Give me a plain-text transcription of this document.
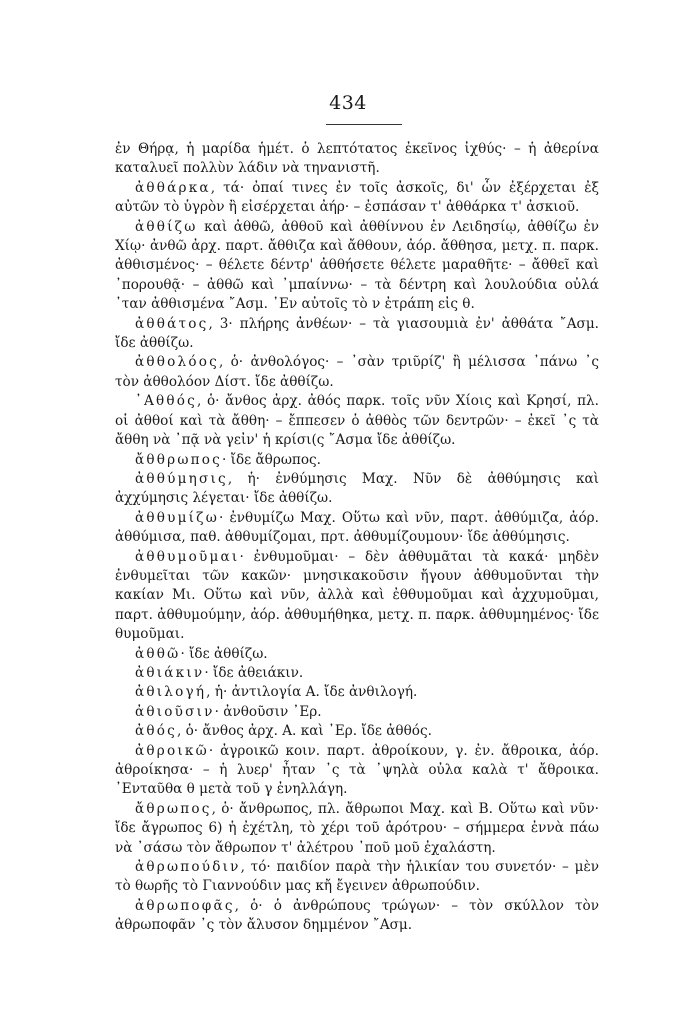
434

ἐν Θήρᾳ, ἡ μαρίδα ἡμέτ. ὁ λεπτότατος ἐκεῖνος ἰχθύς· – ἡ ἀθερίνα καταλυεῖ πολλὺν λάδιν νὰ τηνανιστῆ.

ἀθθάρκα, τά· ὀπαί τινες ἐν τοῖς ἀσκοῖς, δι' ὧν ἐξέρχεται ἐξ αὐτῶν τὸ ὑγρὸν ἢ εἰσέρχεται ἀήρ· – ἐσπάσαν τ' ἀθθάρκα τ' ἀσκιοῦ.

ἀθθίζω καὶ ἀθθῶ, ἀθθοῦ καὶ ἀθθίννου ἐν Λειδησίῳ, ἀθθίζω ἐν Χίῳ· ἀνθῶ ἀρχ. παρτ. ἄθθιζα καὶ ἄθθουν, ἀόρ. ἄθθησα, μετχ. π. παρκ. ἀθθισμένος· – θέλετε δέντρ' ἀθθήσετε θέλετε μαραθῆτε· – ἄθθεῖ καὶ ᾽πορουθᾷ· – ἀθθῶ καὶ ᾽μπαίννω· – τὰ δέντρη καὶ λουλούδια οὐλά ᾽ταν ἀθθισμένα ῎Ασμ. ᾽Εν αὐτοῖς τὸ ν ἐτράπη εἰς θ.

ἀθθάτος, 3· πλήρης ἀνθέων· – τὰ γιασουμιὰ ἐν' ἀθθάτα ῎Ασμ. ἴδε ἀθθίζω.

ἀθθολόος, ὁ· ἀνθολόγος· – ᾽σὰν τριῦρίζ' ἢ μέλισσα ᾽πάνω ᾽ς τὸν ἀθθολόον Δίστ. ἴδε ἀθθίζω.

᾽Αθθός, ὁ· ἄνθος ἀρχ. ἀθός παρκ. τοῖς νῦν Χίοις καὶ Κρησί, πλ. οἱ ἀθθοί καὶ τὰ ἄθθη· – ἔππεσεν ὁ ἀθθὸς τῶν δεντρῶν· – ἐκεῖ ᾽ς τὰ ἄθθη νὰ ᾽πᾷ νὰ γεἰν' ἡ κρίσι(ς ῎Ασμα ἴδε ἀθθίζω.

ἄθθρωπος· ἴδε ἄθρωπος.

ἀθθύμησις, ἡ· ἐνθύμησις Μαχ. Νῦν δὲ ἀθθύμησις καὶ ἀχχύμησις λέγεται· ἴδε ἀθθίζω.

ἀθθυμίζω· ἐνθυμίζω Μαχ. Οὕτω καὶ νῦν, παρτ. ἀθθύμιζα, ἀόρ. ἀθθύμισα, παθ. ἀθθυμίζομαι, πρτ. ἀθθυμίζουμουν· ἴδε ἀθθύμησις.

ἀθθυμοῦμαι· ἐνθυμοῦμαι· – δὲν ἀθθυμᾶται τὰ κακά· μηδὲν ἐνθυμεῖται τῶν κακῶν· μνησικακοῦσιν ἤγουν ἀθθυμοῦνται τὴν κακίαν Μι. Οὕτω καὶ νῦν, ἀλλὰ καὶ ἐθθυμοῦμαι καὶ ἀχχυμοῦμαι, παρτ. ἀθθυμούμην, ἀόρ. ἀθθυμήθηκα, μετχ. π. παρκ. ἀθθυμημένος· ἴδε θυμοῦμαι.

ἀθθῶ· ἴδε ἀθθίζω.

ἀθιάκιν· ἴδε ἀθειάκιν.

ἀθιλογή, ἡ· ἀντιλογία Α. ἴδε ἀνθιλογή.

ἀθιοῦσιν· ἀνθοῦσιν ᾽Ερ.

ἀθός, ὁ· ἄνθος ἀρχ. Α. καὶ ᾽Ερ. ἴδε ἀθθός.

ἀθροικῶ· ἀγροικῶ κοιν. παρτ. ἀθροίκουν, γ. ἐν. ἄθροικα, ἀόρ. ἀθροίκησα· – ἡ λυερ' ἦταν ᾽ς τὰ ᾽ψηλὰ οὐλα καλὰ τ' ἄθροικα. ᾽Ενταῦθα θ μετὰ τοῦ γ ἐνηλλάγη.

ἄθρωπος, ὁ· ἄνθρωπος, πλ. ἄθρωποι Μαχ. καὶ Β. Οὕτω καὶ νῦν· ἴδε ἄγρωπος 6) ἡ ἐχέτλη, τὸ χέρι τοῦ ἀρότρου· – σήμμερα ἐννὰ πάω νὰ ᾽σάσω τὸν ἄθρωπον τ' ἀλέτρου ᾽ποῦ μοῦ ἐχαλάστη.

ἀθρωπούδιν, τό· παιδίον παρὰ τὴν ἡλικίαν του συνετόν· – μὲν τὸ θωρῆς τὸ Γιαννούδιν μας κἤ ἔγεινεν ἀθρωπούδιν.

ἀθρωποφᾶς, ὁ· ὁ ἀνθρώπους τρώγων· – τὸν σκύλλον τὸν ἀθρωποφᾶν ᾽ς τὸν ἄλυσον δημμένον ῎Ασμ.
